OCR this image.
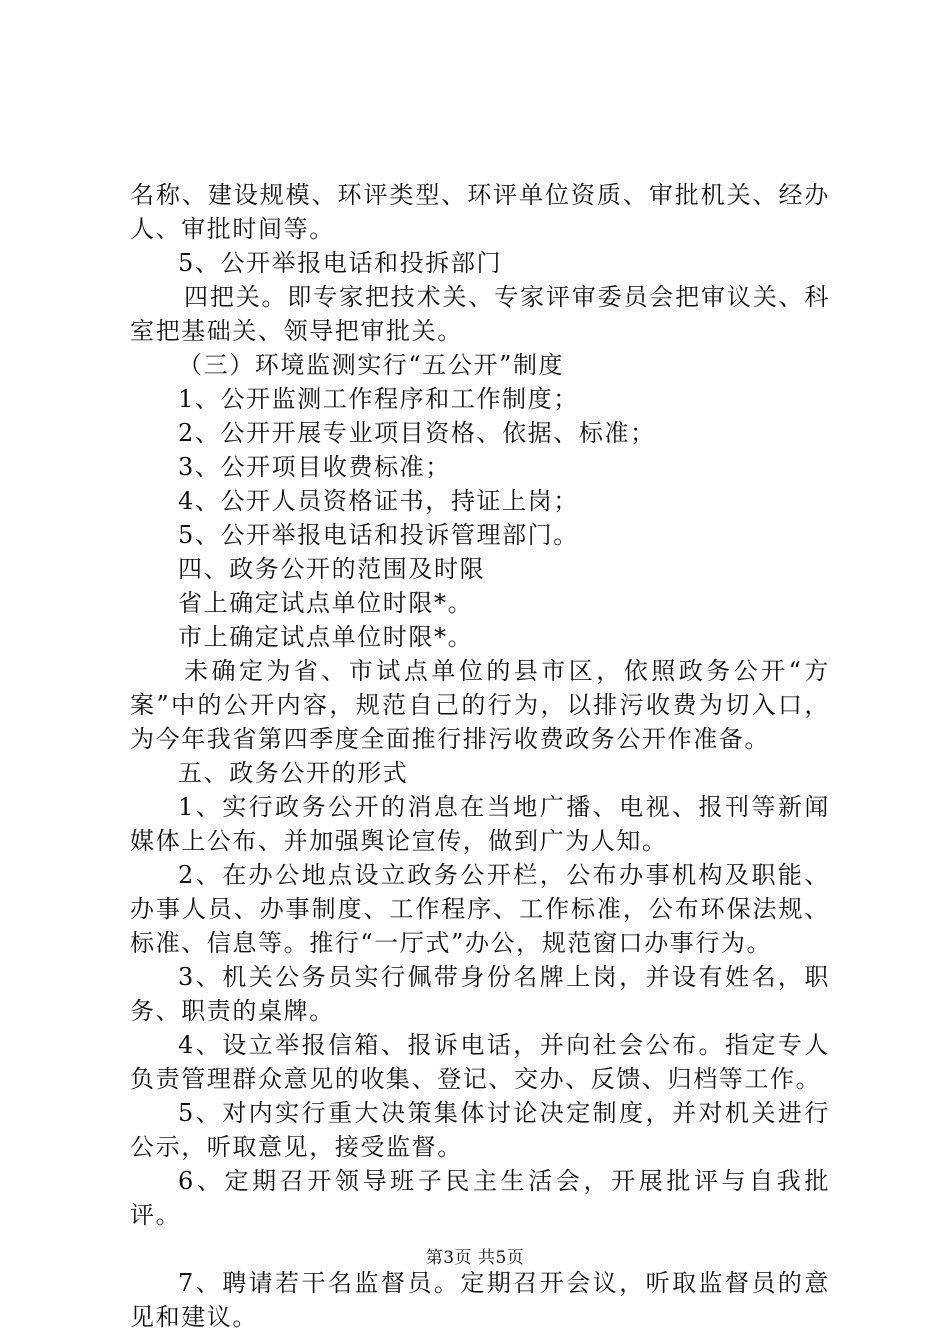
名称、建设规模、环评类型、环评单位资质、审批机关、经办人、审批时间等。

5、公开举报电话和投拆部门

四把关。即专家把技术关、专家评审委员会把审议关、科室把基础关、领导把审批关。

（三）环境监测实行“五公开”制度

1、公开监测工作程序和工作制度；

2、公开开展专业项目资格、依据、标准；

3、公开项目收费标准；

4、公开人员资格证书，持证上岗；

5、公开举报电话和投诉管理部门。

四、政务公开的范围及时限

省上确定试点单位时限*。

市上确定试点单位时限*。

未确定为省、市试点单位的县市区，依照政务公开“方案”中的公开内容，规范自己的行为，以排污收费为切入口，为今年我省第四季度全面推行排污收费政务公开作准备。

五、政务公开的形式

1、实行政务公开的消息在当地广播、电视、报刊等新闻媒体上公布、并加强舆论宣传，做到广为人知。

2、在办公地点设立政务公开栏，公布办事机构及职能、办事人员、办事制度、工作程序、工作标准，公布环保法规、标准、信息等。推行“一厅式”办公，规范窗口办事行为。

3、机关公务员实行佩带身份名牌上岗，并设有姓名，职务、职责的桌牌。

4、设立举报信箱、报诉电话，并向社会公布。指定专人负责管理群众意见的收集、登记、交办、反馈、归档等工作。

5、对内实行重大决策集体讨论决定制度，并对机关进行公示，听取意见，接受监督。

6、定期召开领导班子民主生活会，开展批评与自我批评。

7、聘请若干名监督员。定期召开会议，听取监督员的意见和建议。

第3页 共5页
